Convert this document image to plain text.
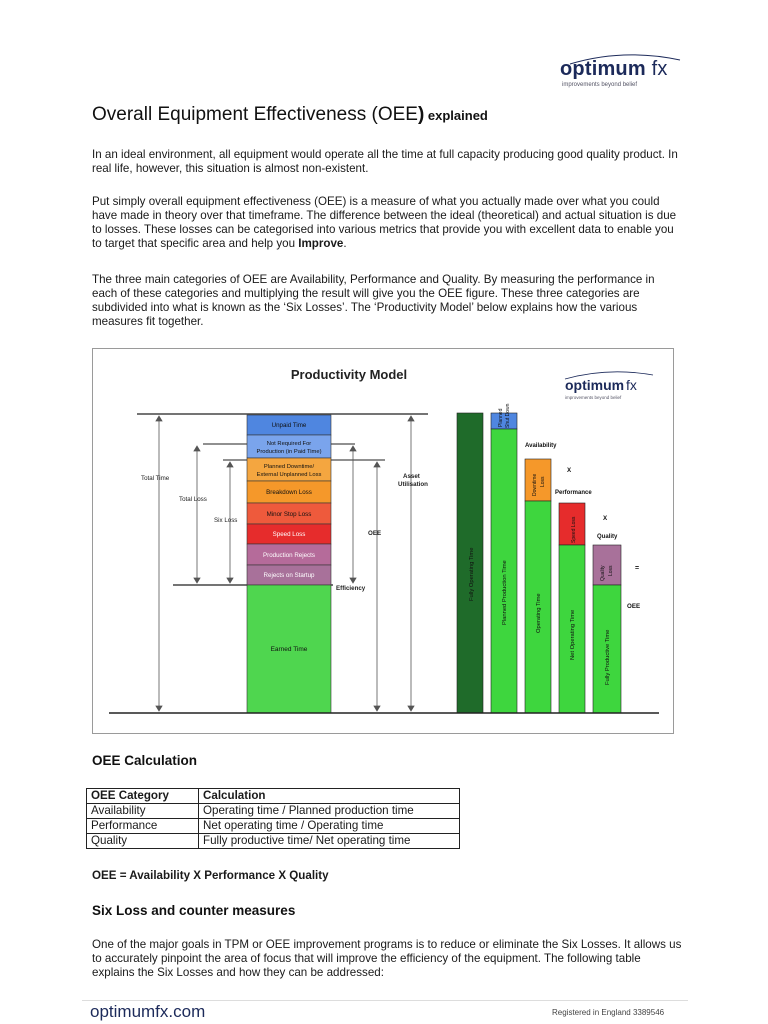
optimum fx
improvements beyond belief
Overall Equipment Effectiveness (OEE) explained

In an ideal environment, all equipment would operate all the time at full capacity producing good quality product. In real life, however, this situation is almost non-existent.

Put simply overall equipment effectiveness (OEE) is a measure of what you actually made over what you could have made in theory over that timeframe. The difference between the ideal (theoretical) and actual situation is due to losses. These losses can be categorised into various metrics that provide you with excellent data to enable you to target that specific area and help you Improve.

The three main categories of OEE are Availability, Performance and Quality. By measuring the performance in each of these categories and multiplying the result will give you the OEE figure. These three categories are subdivided into what is known as the ‘Six Losses’. The ‘Productivity Model’ below explains how the various measures fit together.

Productivity Model
optimum fx
improvements beyond belief
Unpaid Time
Not Required For
Production (in Paid Time)
Planned Downtime/
External Unplanned Loss
Breakdown Loss
Minor Stop Loss
Speed Loss
Production Rejects
Rejects on Startup
Earned Time
Total Time
Total Loss
Six Loss
OEE
Efficiency
Asset
Utilisation
Fully Operating Time
Planned Shut Down
Planned Production Time
Availability
Downtime Loss
Operating Time
X
Performance
Speed Loss
Net Operating Time
X
Quality
Quality Loss
Fully Productive Time
=
OEE
OEE Calculation
OEE Category	Calculation
Availability	Operating time / Planned production time
Performance	Net operating time / Operating time
Quality	Fully productive time/ Net operating time
OEE = Availability X Performance X Quality
Six Loss and counter measures

One of the major goals in TPM or OEE improvement programs is to reduce or eliminate the Six Losses. It allows us to accurately pinpoint the area of focus that will improve the efficiency of the equipment. The following table explains the Six Losses and how they can be addressed:

optimumfx.com	Registered in England 3389546
